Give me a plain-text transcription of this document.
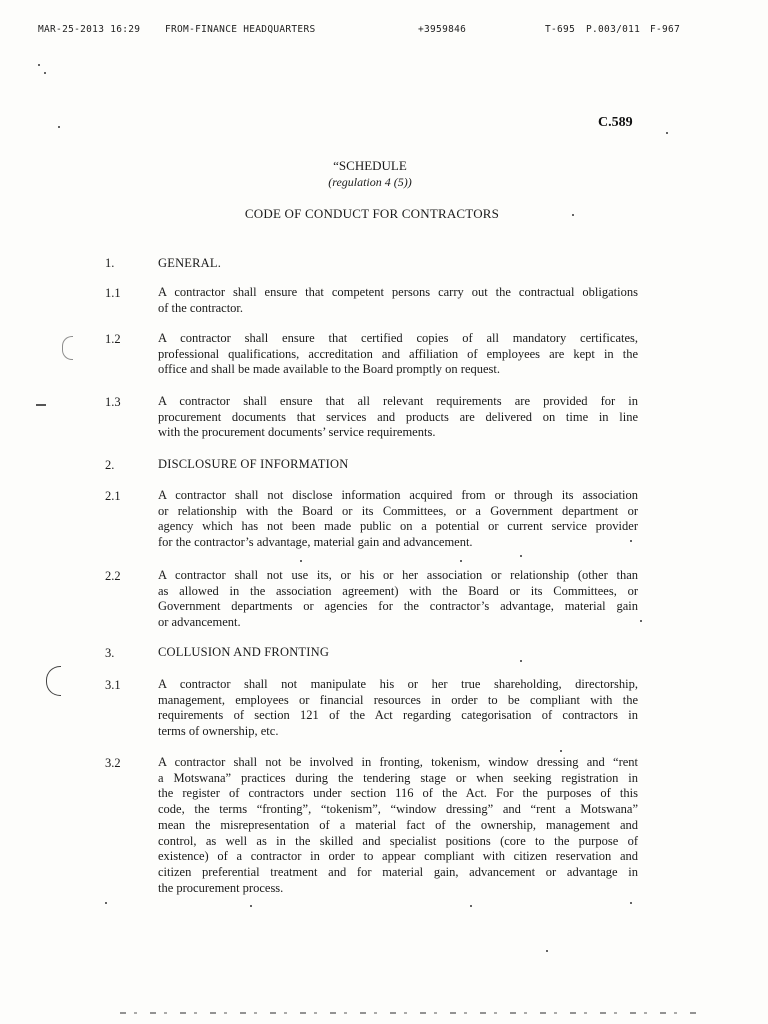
MAR-25-2013 16:29	FROM-FINANCE HEADQUARTERS	+3959846	T-695 P.003/011 F-967
C.589
“SCHEDULE
(regulation 4 (5))
CODE OF CONDUCT FOR CONTRACTORS
1.	GENERAL.
1.1	A contractor shall ensure that competent persons carry out the contractual obligations
of the contractor.
1.2	A contractor shall ensure that certified copies of all mandatory certificates,
professional qualifications, accreditation and affiliation of employees are kept in the
office and shall be made available to the Board promptly on request.
1.3	A contractor shall ensure that all relevant requirements are provided for in
procurement documents that services and products are delivered on time in line
with the procurement documents’ service requirements.
2.	DISCLOSURE OF INFORMATION
2.1	A contractor shall not disclose information acquired from or through its association
or relationship with the Board or its Committees, or a Government department or
agency which has not been made public on a potential or current service provider
for the contractor’s advantage, material gain and advancement.
2.2	A contractor shall not use its, or his or her association or relationship (other than
as allowed in the association agreement) with the Board or its Committees, or
Government departments or agencies for the contractor’s advantage, material gain
or advancement.
3.	COLLUSION AND FRONTING
3.1	A contractor shall not manipulate his or her true shareholding, directorship,
management, employees or financial resources in order to be compliant with the
requirements of section 121 of the Act regarding categorisation of contractors in
terms of ownership, etc.
3.2	A contractor shall not be involved in fronting, tokenism, window dressing and “rent
a Motswana” practices during the tendering stage or when seeking registration in
the register of contractors under section 116 of the Act. For the purposes of this
code, the terms “fronting”, “tokenism”, “window dressing” and “rent a Motswana”
mean the misrepresentation of a material fact of the ownership, management and
control, as well as in the skilled and specialist positions (core to the purpose of
existence) of a contractor in order to appear compliant with citizen reservation and
citizen preferential treatment and for material gain, advancement or advantage in
the procurement process.
